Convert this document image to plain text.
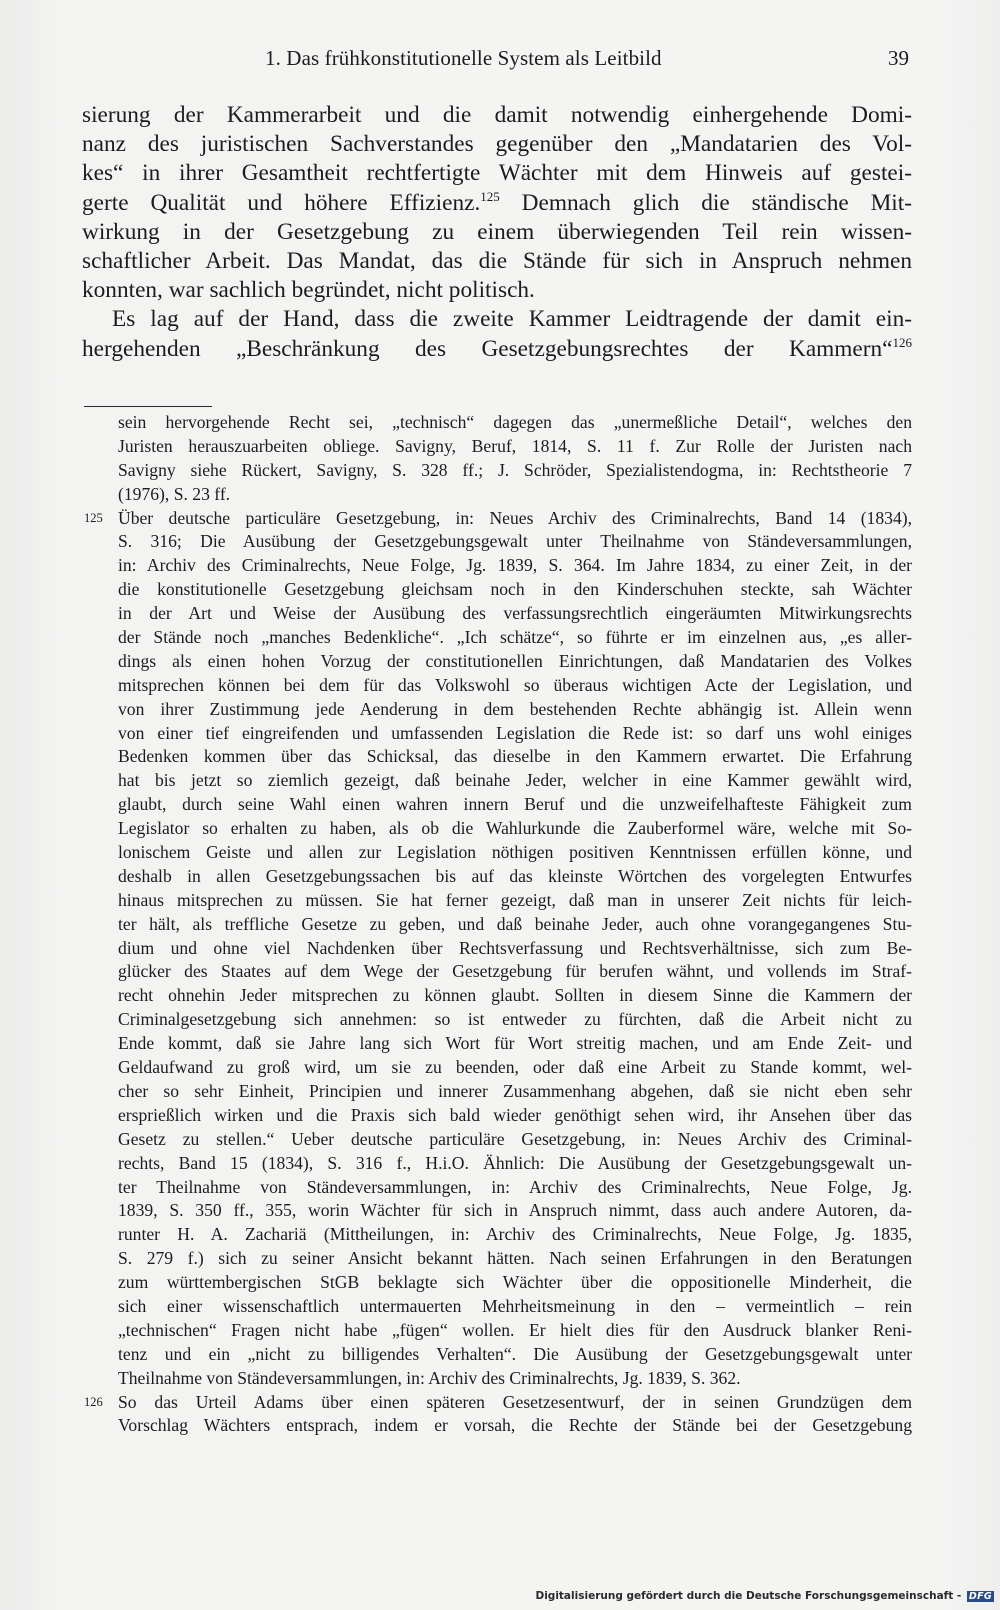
1. Das frühkonstitutionelle System als Leitbild	39
sierung der Kammerarbeit und die damit notwendig einhergehende Domi-
nanz des juristischen Sachverstandes gegenüber den „Mandatarien des Vol-
kes“ in ihrer Gesamtheit rechtfertigte Wächter mit dem Hinweis auf gestei-
gerte Qualität und höhere Effizienz.$^{125}$ Demnach glich die ständische Mit-
wirkung in der Gesetzgebung zu einem überwiegenden Teil rein wissen-
schaftlicher Arbeit. Das Mandat, das die Stände für sich in Anspruch nehmen
konnten, war sachlich begründet, nicht politisch.
Es lag auf der Hand, dass die zweite Kammer Leidtragende der damit ein-
hergehenden „Beschränkung des Gesetzgebungsrechtes der Kammern“$^{126}$
sein hervorgehende Recht sei, „technisch“ dagegen das „unermeßliche Detail“, welches den
Juristen herauszuarbeiten obliege. Savigny, Beruf, 1814, S. 11 f. Zur Rolle der Juristen nach
Savigny siehe Rückert, Savigny, S. 328 ff.; J. Schröder, Spezialistendogma, in: Rechtstheorie 7
(1976), S. 23 ff.
125 Über deutsche particuläre Gesetzgebung, in: Neues Archiv des Criminalrechts, Band 14 (1834),
S. 316; Die Ausübung der Gesetzgebungsgewalt unter Theilnahme von Ständeversammlungen,
in: Archiv des Criminalrechts, Neue Folge, Jg. 1839, S. 364. Im Jahre 1834, zu einer Zeit, in der
die konstitutionelle Gesetzgebung gleichsam noch in den Kinderschuhen steckte, sah Wächter
in der Art und Weise der Ausübung des verfassungsrechtlich eingeräumten Mitwirkungsrechts
der Stände noch „manches Bedenkliche“. „Ich schätze“, so führte er im einzelnen aus, „es aller-
dings als einen hohen Vorzug der constitutionellen Einrichtungen, daß Mandatarien des Volkes
mitsprechen können bei dem für das Volkswohl so überaus wichtigen Acte der Legislation, und
von ihrer Zustimmung jede Aenderung in dem bestehenden Rechte abhängig ist. Allein wenn
von einer tief eingreifenden und umfassenden Legislation die Rede ist: so darf uns wohl einiges
Bedenken kommen über das Schicksal, das dieselbe in den Kammern erwartet. Die Erfahrung
hat bis jetzt so ziemlich gezeigt, daß beinahe Jeder, welcher in eine Kammer gewählt wird,
glaubt, durch seine Wahl einen wahren innern Beruf und die unzweifelhafteste Fähigkeit zum
Legislator so erhalten zu haben, als ob die Wahlurkunde die Zauberformel wäre, welche mit So-
lonischem Geiste und allen zur Legislation nöthigen positiven Kenntnissen erfüllen könne, und
deshalb in allen Gesetzgebungssachen bis auf das kleinste Wörtchen des vorgelegten Entwurfes
hinaus mitsprechen zu müssen. Sie hat ferner gezeigt, daß man in unserer Zeit nichts für leich-
ter hält, als treffliche Gesetze zu geben, und daß beinahe Jeder, auch ohne vorangegangenes Stu-
dium und ohne viel Nachdenken über Rechtsverfassung und Rechtsverhältnisse, sich zum Be-
glücker des Staates auf dem Wege der Gesetzgebung für berufen wähnt, und vollends im Straf-
recht ohnehin Jeder mitsprechen zu können glaubt. Sollten in diesem Sinne die Kammern der
Criminalgesetzgebung sich annehmen: so ist entweder zu fürchten, daß die Arbeit nicht zu
Ende kommt, daß sie Jahre lang sich Wort für Wort streitig machen, und am Ende Zeit- und
Geldaufwand zu groß wird, um sie zu beenden, oder daß eine Arbeit zu Stande kommt, wel-
cher so sehr Einheit, Principien und innerer Zusammenhang abgehen, daß sie nicht eben sehr
ersprießlich wirken und die Praxis sich bald wieder genöthigt sehen wird, ihr Ansehen über das
Gesetz zu stellen.“ Ueber deutsche particuläre Gesetzgebung, in: Neues Archiv des Criminal-
rechts, Band 15 (1834), S. 316 f., H.i.O. Ähnlich: Die Ausübung der Gesetzgebungsgewalt un-
ter Theilnahme von Ständeversammlungen, in: Archiv des Criminalrechts, Neue Folge, Jg.
1839, S. 350 ff., 355, worin Wächter für sich in Anspruch nimmt, dass auch andere Autoren, da-
runter H. A. Zachariä (Mittheilungen, in: Archiv des Criminalrechts, Neue Folge, Jg. 1835,
S. 279 f.) sich zu seiner Ansicht bekannt hätten. Nach seinen Erfahrungen in den Beratungen
zum württembergischen StGB beklagte sich Wächter über die oppositionelle Minderheit, die
sich einer wissenschaftlich untermauerten Mehrheitsmeinung in den – vermeintlich – rein
„technischen“ Fragen nicht habe „fügen“ wollen. Er hielt dies für den Ausdruck blanker Reni-
tenz und ein „nicht zu billigendes Verhalten“. Die Ausübung der Gesetzgebungsgewalt unter
Theilnahme von Ständeversammlungen, in: Archiv des Criminalrechts, Jg. 1839, S. 362.
126 So das Urteil Adams über einen späteren Gesetzesentwurf, der in seinen Grundzügen dem
Vorschlag Wächters entsprach, indem er vorsah, die Rechte der Stände bei der Gesetzgebung
Digitalisierung gefördert durch die Deutsche Forschungsgemeinschaft - DFG
